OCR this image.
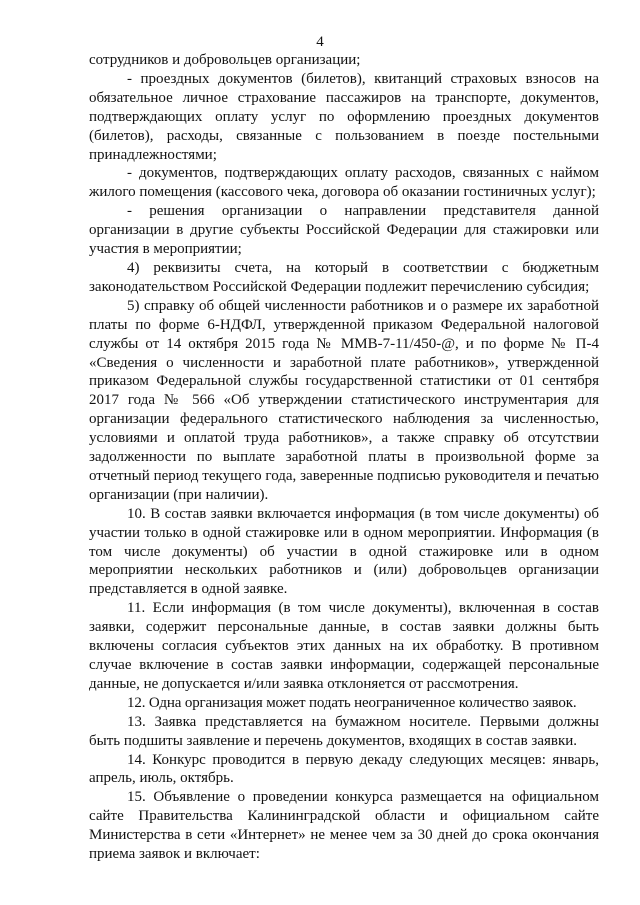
4

сотрудников и добровольцев организации;

- проездных документов (билетов), квитанций страховых взносов на обязательное личное страхование пассажиров на транспорте, документов, подтверждающих оплату услуг по оформлению проездных документов (билетов), расходы, связанные с пользованием в поезде постельными принадлежностями;

- документов, подтверждающих оплату расходов, связанных с наймом жилого помещения (кассового чека, договора об оказании гостиничных услуг);

- решения организации о направлении представителя данной организации в другие субъекты Российской Федерации для стажировки или участия в мероприятии;

4) реквизиты счета, на который в соответствии с бюджетным законодательством Российской Федерации подлежит перечислению субсидия;

5) справку об общей численности работников и о размере их заработной платы по форме 6-НДФЛ, утвержденной приказом Федеральной налоговой службы от 14 октября 2015 года № ММВ-7-11/450-@, и по форме № П-4 «Сведения о численности и заработной плате работников», утвержденной приказом Федеральной службы государственной статистики от 01 сентября 2017 года № 566 «Об утверждении статистического инструментария для организации федерального статистического наблюдения за численностью, условиями и оплатой труда работников», а также справку об отсутствии задолженности по выплате заработной платы в произвольной форме за отчетный период текущего года, заверенные подписью руководителя и печатью организации (при наличии).

10. В состав заявки включается информация (в том числе документы) об участии только в одной стажировке или в одном мероприятии. Информация (в том числе документы) об участии в одной стажировке или в одном мероприятии нескольких работников и (или) добровольцев организации представляется в одной заявке.

11. Если информация (в том числе документы), включенная в состав заявки, содержит персональные данные, в состав заявки должны быть включены согласия субъектов этих данных на их обработку. В противном случае включение в состав заявки информации, содержащей персональные данные, не допускается и/или заявка отклоняется от рассмотрения.

12. Одна организация может подать неограниченное количество заявок.

13. Заявка представляется на бумажном носителе. Первыми должны быть подшиты заявление и перечень документов, входящих в состав заявки.

14. Конкурс проводится в первую декаду следующих месяцев: январь, апрель, июль, октябрь.

15. Объявление о проведении конкурса размещается на официальном сайте Правительства Калининградской области и официальном сайте Министерства в сети «Интернет» не менее чем за 30 дней до срока окончания приема заявок и включает:
